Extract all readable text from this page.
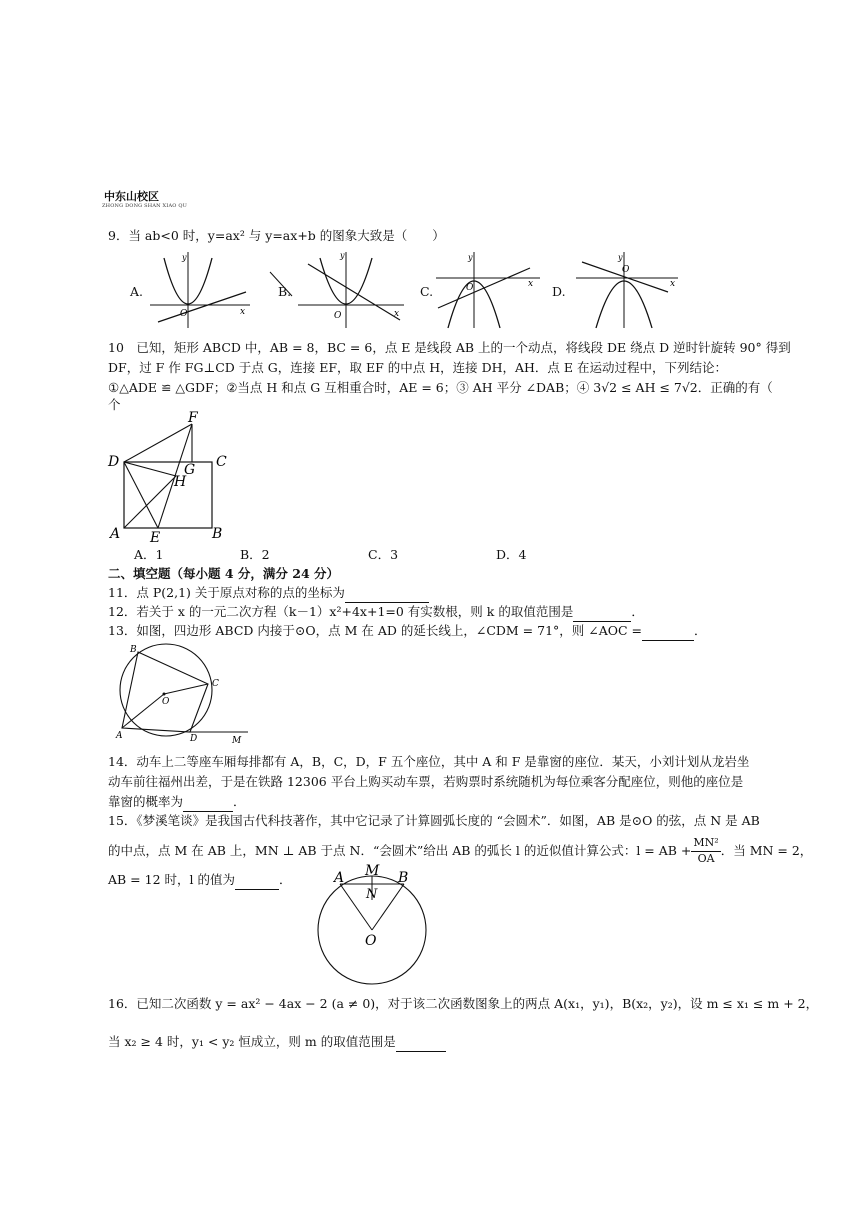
中东山校区
ZHONG DONG SHAN XIAO QU
9．当 ab<0 时，y=ax² 与 y=ax+b 的图象大致是（　　）
A.
O	x
y
B.
O	x
y
C.	O	x
y
D.
O
x
y
10　已知，矩形 ABCD 中，AB = 8，BC = 6，点 E 是线段 AB 上的一个动点，将线段 DE 绕点 D 逆时针旋转 90° 得到
DF，过 F 作 FG⊥CD 于点 G，连接 EF，取 EF 的中点 H，连接 DH，AH．点 E 在运动过程中，下列结论：
①△ADE ≌ △GDF；②当点 H 和点 G 互相重合时，AE = 6；③ AH 平分 ∠DAB；④ 3√2 ≤ AH ≤ 7√2．正确的有（
个
F
D	G C
H
A E	B
A．1	B．2	C．3	D．4
二、填空题（每小题 4 分，满分 24 分）
11．点 P(2,1) 关于原点对称的点的坐标为
12．若关于 x 的一元二次方程（k－1）x²+4x+1=0 有实数根，则 k 的取值范围是	．
13．如图，四边形 ABCD 内接于⊙O，点 M 在 AD 的延长线上，∠CDM = 71°，则 ∠AOC =	．
B
C
O
A	D	M
14．动车上二等座车厢每排都有 A，B，C，D，F 五个座位，其中 A 和 F 是靠窗的座位．某天，小刘计划从龙岩坐
动车前往福州出差，于是在铁路 12306 平台上购买动车票，若购票时系统随机为每位乘客分配座位，则他的座位是
靠窗的概率为	．
15．《梦溪笔谈》是我国古代科技著作，其中它记录了计算圆弧长度的 “会圆术”．如图，AB 是⊙O 的弦，点 N 是 AB
的中点，点 M 在 AB 上，MN ⊥ AB 于点 N．“会圆术”给出 AB 的弧长 l 的近似值计算公式：l = AB + $\frac{\text{MN²}}{OA}$ ．当 MN = 2，
AB = 12 时，l 的值为	．	A M B
N
O
16．已知二次函数 y = ax² − 4ax − 2 (a ≠ 0)，对于该二次函数图象上的两点 A(x₁，y₁)，B(x₂，y₂)，设 m ≤ x₁ ≤ m + 2，
当 x₂ ≥ 4 时，y₁ < y₂ 恒成立，则 m 的取值范围是
